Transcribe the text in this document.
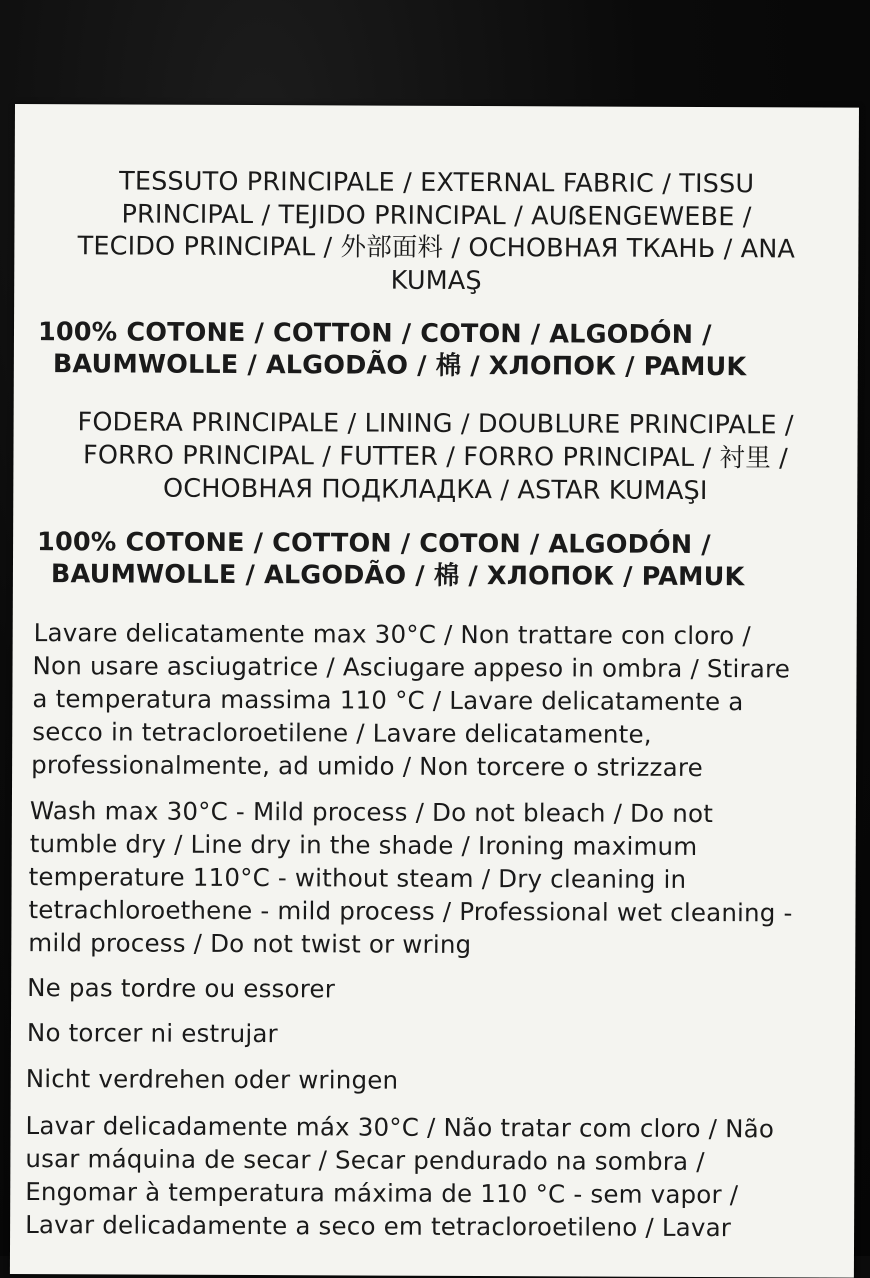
TESSUTO PRINCIPALE / EXTERNAL FABRIC / TISSU
PRINCIPAL / TEJIDO PRINCIPAL / AUẞENGEWEBE /
TECIDO PRINCIPAL / 外部面料 / ОСНОВНАЯ ТКАНЬ / ANA
KUMAŞ
100% COTONE / COTTON / COTON / ALGODÓN /
BAUMWOLLE / ALGODÃO / 棉 / ХЛОПОК / PAMUK
FODERA PRINCIPALE / LINING / DOUBLURE PRINCIPALE /
FORRO PRINCIPAL / FUTTER / FORRO PRINCIPAL / 衬里 /
ОСНОВНАЯ ПОДКЛАДКА / ASTAR KUMAŞI
100% COTONE / COTTON / COTON / ALGODÓN /
BAUMWOLLE / ALGODÃO / 棉 / ХЛОПОК / PAMUK
Lavare delicatamente max 30°C / Non trattare con cloro /
Non usare asciugatrice / Asciugare appeso in ombra / Stirare
a temperatura massima 110 °C / Lavare delicatamente a
secco in tetracloroetilene / Lavare delicatamente,
professionalmente, ad umido / Non torcere o strizzare
Wash max 30°C - Mild process / Do not bleach / Do not
tumble dry / Line dry in the shade / Ironing maximum
temperature 110°C - without steam / Dry cleaning in
tetrachloroethene - mild process / Professional wet cleaning -
mild process / Do not twist or wring
Ne pas tordre ou essorer
No torcer ni estrujar
Nicht verdrehen oder wringen
Lavar delicadamente máx 30°C / Não tratar com cloro / Não
usar máquina de secar / Secar pendurado na sombra /
Engomar à temperatura máxima de 110 °C - sem vapor /
Lavar delicadamente a seco em tetracloroetileno / Lavar
